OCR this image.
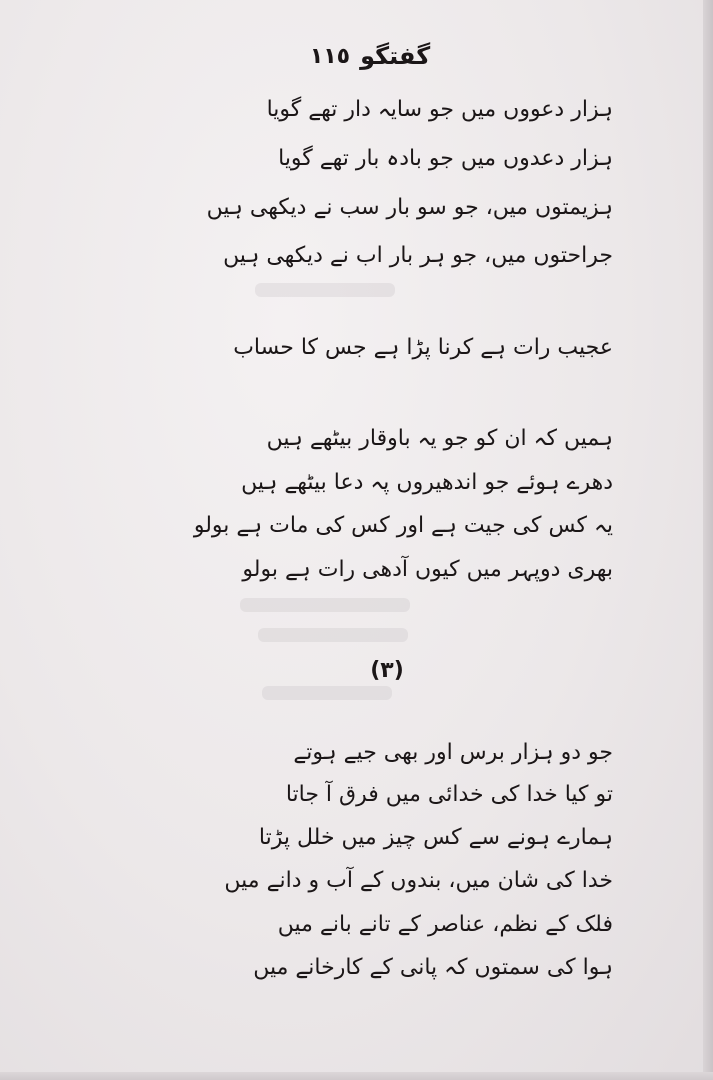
١١٥ گفتگو
ہزار دعووں میں جو سایہ دار تھے گویا
ہزار دعدوں میں جو بادہ بار تھے گویا
ہزیمتوں میں، جو سو بار سب نے دیکھی ہیں
جراحتوں میں، جو ہر بار اب نے دیکھی ہیں
عجیب رات ہے کرنا پڑا ہے جس کا حساب
ہمیں کہ ان کو جو یہ باوقار بیٹھے ہیں
دھرے ہوئے جو اندھیروں پہ دعا بیٹھے ہیں
یہ کس کی جیت ہے اور کس کی مات ہے بولو
بھری دوپہر میں کیوں آدھی رات ہے بولو
(۳)
جو دو ہزار برس اور بھی جیے ہوتے
تو کیا خدا کی خدائی میں فرق آ جاتا
ہمارے ہونے سے کس چیز میں خلل پڑتا
خدا کی شان میں، بندوں کے آب و دانے میں
فلک کے نظم، عناصر کے تانے بانے میں
ہوا کی سمتوں کہ پانی کے کارخانے میں
